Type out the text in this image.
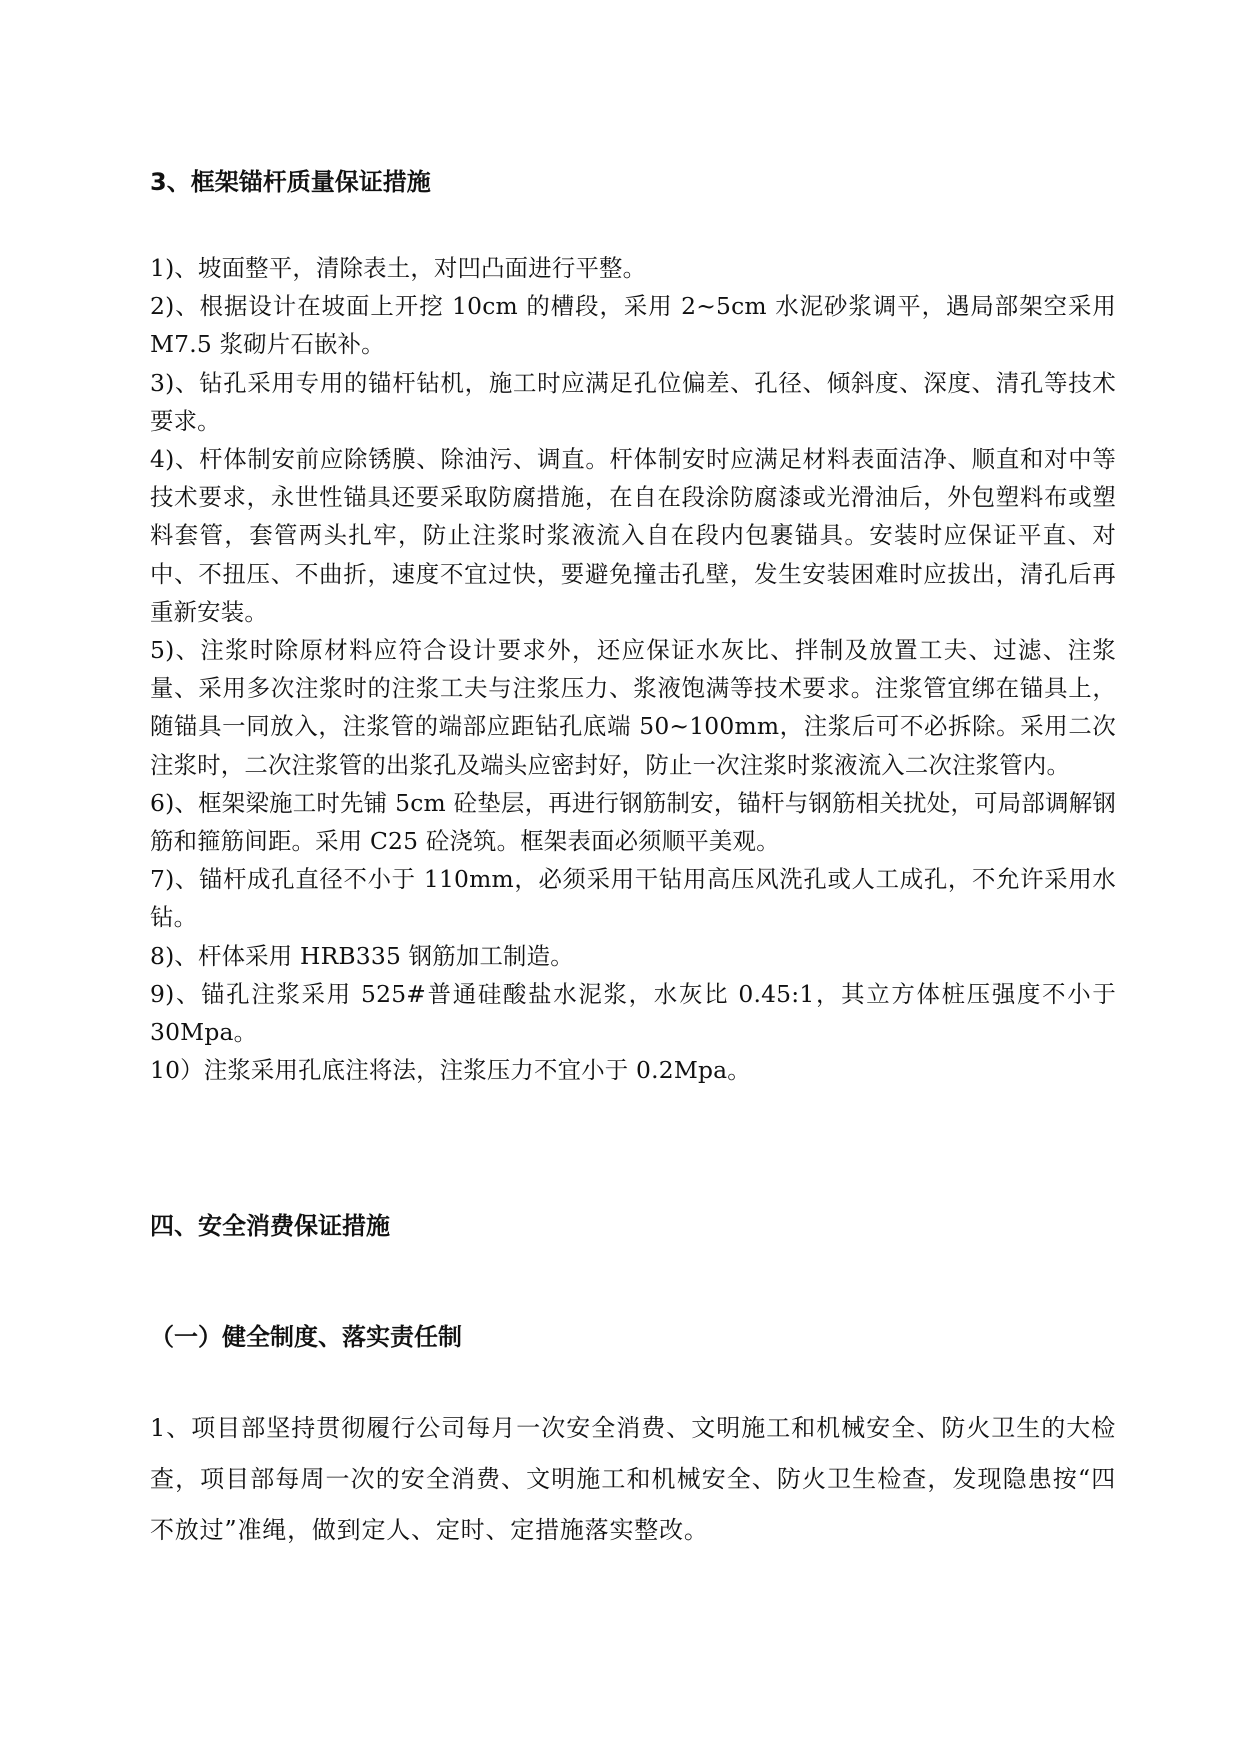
3、框架锚杆质量保证措施

1)、坡面整平，清除表土，对凹凸面进行平整。

2)、根据设计在坡面上开挖 10cm 的槽段，采用 2~5cm 水泥砂浆调平，遇局部架空采用 M7.5 浆砌片石嵌补。

3)、钻孔采用专用的锚杆钻机，施工时应满足孔位偏差、孔径、倾斜度、深度、清孔等技术要求。

4)、杆体制安前应除锈膜、除油污、调直。杆体制安时应满足材料表面洁净、顺直和对中等技术要求，永世性锚具还要采取防腐措施，在自在段涂防腐漆或光滑油后，外包塑料布或塑料套管，套管两头扎牢，防止注浆时浆液流入自在段内包裹锚具。安装时应保证平直、对中、不扭压、不曲折，速度不宜过快，要避免撞击孔壁，发生安装困难时应拔出，清孔后再重新安装。

5)、注浆时除原材料应符合设计要求外，还应保证水灰比、拌制及放置工夫、过滤、注浆量、采用多次注浆时的注浆工夫与注浆压力、浆液饱满等技术要求。注浆管宜绑在锚具上，随锚具一同放入，注浆管的端部应距钻孔底端 50~100mm，注浆后可不必拆除。采用二次注浆时，二次注浆管的出浆孔及端头应密封好，防止一次注浆时浆液流入二次注浆管内。

6)、框架梁施工时先铺 5cm 砼垫层，再进行钢筋制安，锚杆与钢筋相关扰处，可局部调解钢筋和箍筋间距。采用 C25 砼浇筑。框架表面必须顺平美观。

7)、锚杆成孔直径不小于 110mm，必须采用干钻用高压风洗孔或人工成孔，不允许采用水钻。

8)、杆体采用 HRB335 钢筋加工制造。

9)、锚孔注浆采用 525#普通硅酸盐水泥浆，水灰比 0.45:1，其立方体桩压强度不小于 30Mpa。

10）注浆采用孔底注将法，注浆压力不宜小于 0.2Mpa。

四、安全消费保证措施
（一）健全制度、落实责任制

1、项目部坚持贯彻履行公司每月一次安全消费、文明施工和机械安全、防火卫生的大检查，项目部每周一次的安全消费、文明施工和机械安全、防火卫生检查，发现隐患按“四不放过”准绳，做到定人、定时、定措施落实整改。
